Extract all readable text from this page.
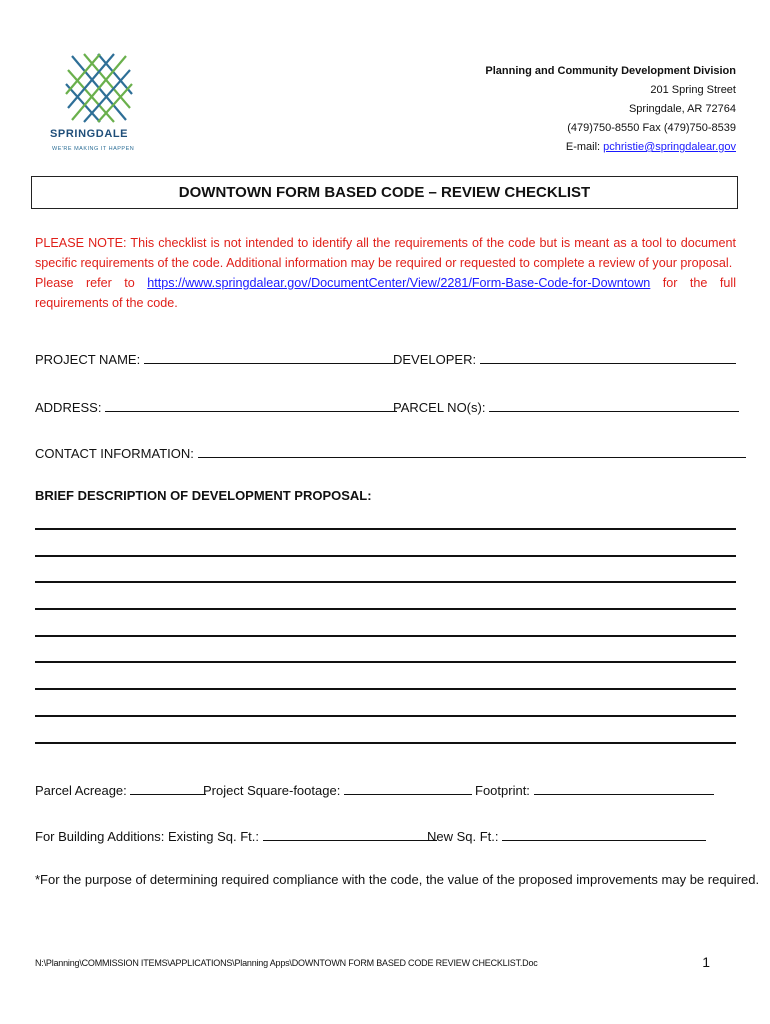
SPRINGDALE
WE'RE MAKING IT HAPPEN
Planning and Community Development Division
201 Spring Street
Springdale, AR 72764
(479)750-8550 Fax (479)750-8539
E-mail: pchristie@springdalear.gov
DOWNTOWN FORM BASED CODE – REVIEW CHECKLIST
PLEASE NOTE: This checklist is not intended to identify all the requirements of the code but is meant as a tool to document specific requirements of the code. Additional information may be required or requested to complete a review of your proposal.
Please refer to https://www.springdalear.gov/DocumentCenter/View/2281/Form-Base-Code-for-Downtown for the full requirements of the code.
PROJECT NAME:	DEVELOPER:
ADDRESS:	PARCEL NO(s):
CONTACT INFORMATION:
BRIEF DESCRIPTION OF DEVELOPMENT PROPOSAL:
Parcel Acreage:	Project Square-footage:	Footprint:
For Building Additions: Existing Sq. Ft.:	New Sq. Ft.:
*For the purpose of determining required compliance with the code, the value of the proposed improvements may be required.
N:\Planning\COMMISSION ITEMS\APPLICATIONS\Planning Apps\DOWNTOWN FORM BASED CODE REVIEW CHECKLIST.Doc	1
